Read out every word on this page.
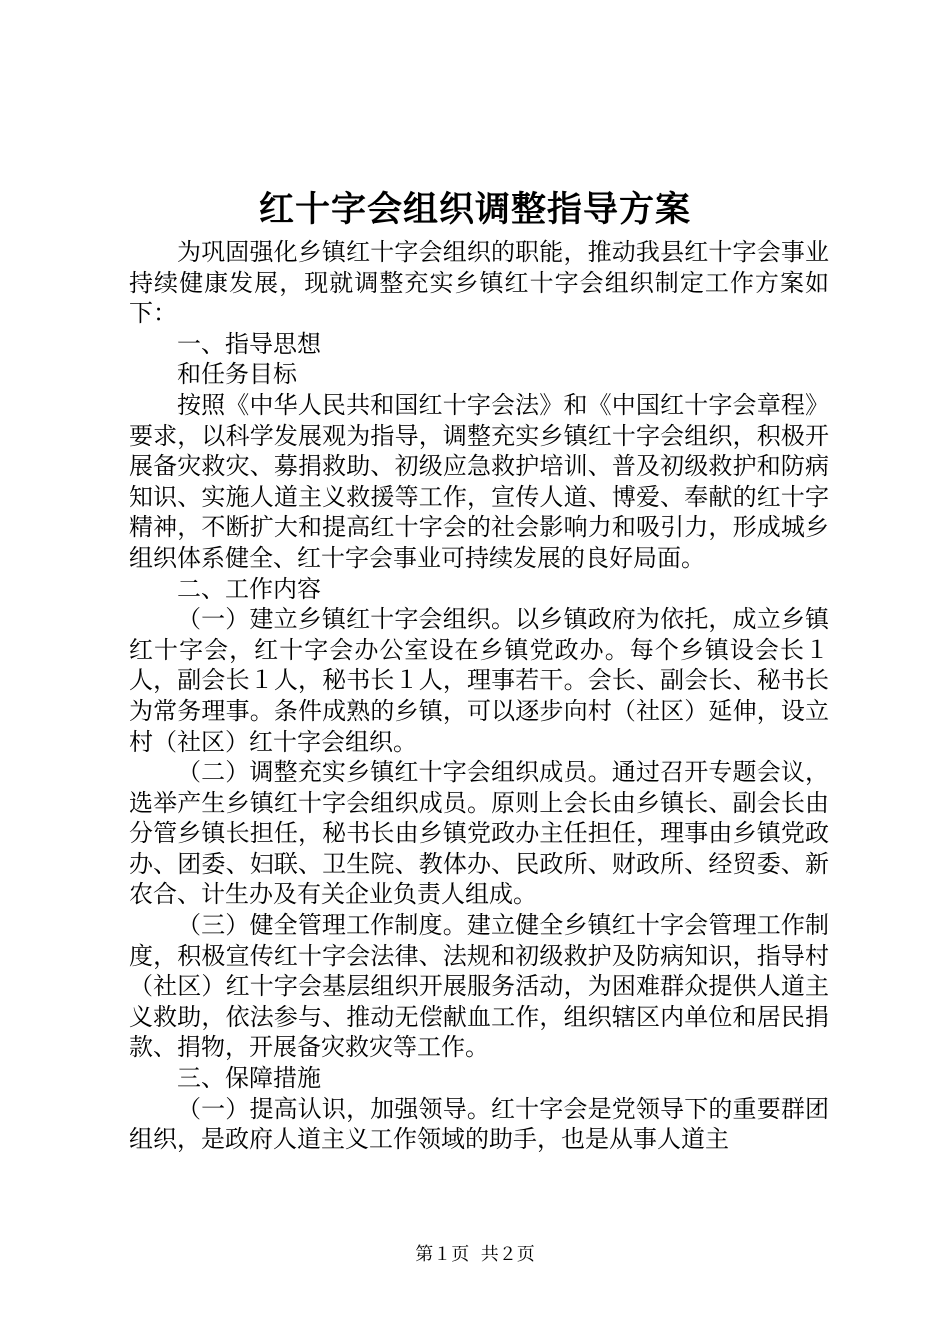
红十字会组织调整指导方案

为巩固强化乡镇红十字会组织的职能，推动我县红十字会事业持续健康发展，现就调整充实乡镇红十字会组织制定工作方案如下：

一、指导思想

和任务目标

按照《中华人民共和国红十字会法》和《中国红十字会章程》要求，以科学发展观为指导，调整充实乡镇红十字会组织，积极开展备灾救灾、募捐救助、初级应急救护培训、普及初级救护和防病知识、实施人道主义救援等工作，宣传人道、博爱、奉献的红十字精神，不断扩大和提高红十字会的社会影响力和吸引力，形成城乡组织体系健全、红十字会事业可持续发展的良好局面。

二、工作内容

（一）建立乡镇红十字会组织。以乡镇政府为依托，成立乡镇红十字会，红十字会办公室设在乡镇党政办。每个乡镇设会长１人，副会长１人，秘书长１人，理事若干。会长、副会长、秘书长为常务理事。条件成熟的乡镇，可以逐步向村（社区）延伸，设立村（社区）红十字会组织。

（二）调整充实乡镇红十字会组织成员。通过召开专题会议，选举产生乡镇红十字会组织成员。原则上会长由乡镇长、副会长由分管乡镇长担任，秘书长由乡镇党政办主任担任，理事由乡镇党政办、团委、妇联、卫生院、教体办、民政所、财政所、经贸委、新农合、计生办及有关企业负责人组成。

（三）健全管理工作制度。建立健全乡镇红十字会管理工作制度，积极宣传红十字会法律、法规和初级救护及防病知识，指导村（社区）红十字会基层组织开展服务活动，为困难群众提供人道主义救助，依法参与、推动无偿献血工作，组织辖区内单位和居民捐款、捐物，开展备灾救灾等工作。

三、保障措施

（一）提高认识，加强领导。红十字会是党领导下的重要群团组织，是政府人道主义工作领域的助手，也是从事人道主

第１页  共２页
